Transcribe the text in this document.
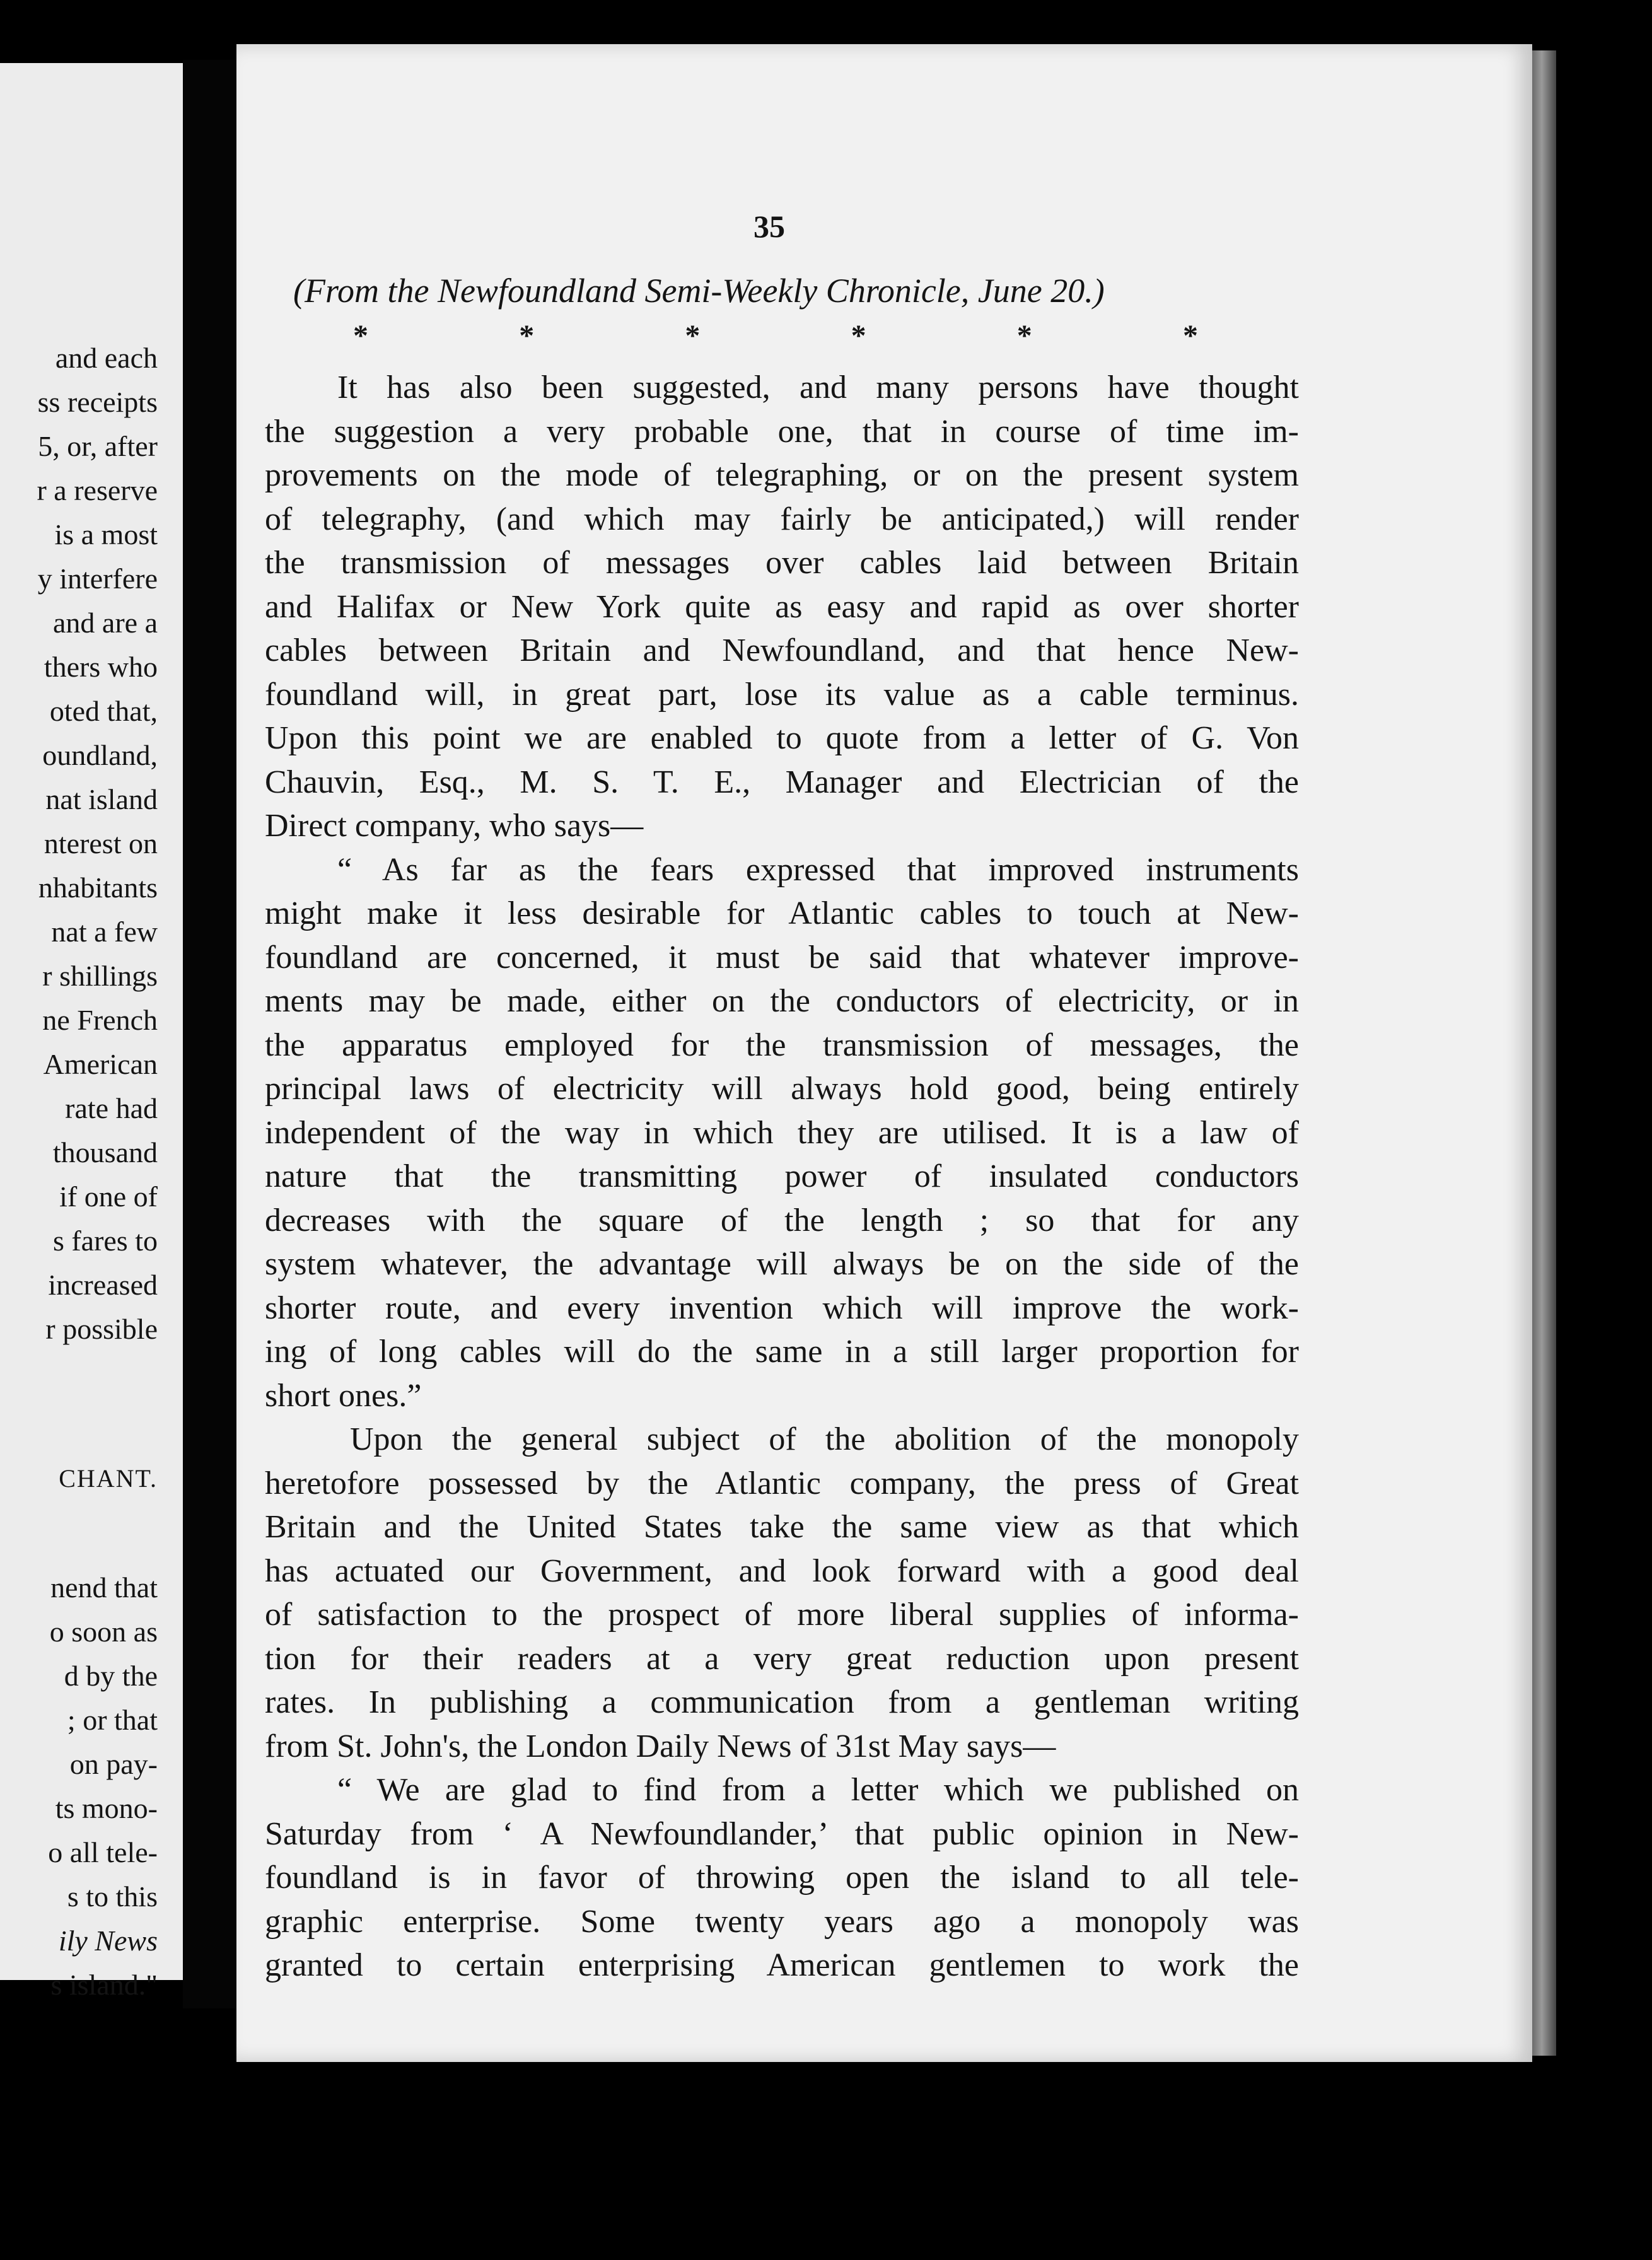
and each
ss receipts
5, or, after
r a reserve
is a most
y interfere
and are a
thers who
oted that,
oundland,
nat island
nterest on
nhabitants
nat a few
r shillings
ne French
American
rate had
thousand
if one of
s fares to
increased
r possible
CHANT.
nend that
o soon as
d by the
; or that
on pay-
ts mono-
o all tele-
s to this
ily News
s island."
35
(From the Newfoundland Semi-Weekly Chronicle, June 20.)
*	*	*	*	*	*
It has also been suggested, and many persons have thought
the suggestion a very probable one, that in course of time im-
provements on the mode of telegraphing, or on the present system
of telegraphy, (and which may fairly be anticipated,) will render
the transmission of messages over cables laid between Britain
and Halifax or New York quite as easy and rapid as over shorter
cables between Britain and Newfoundland, and that hence New-
foundland will, in great part, lose its value as a cable terminus.
Upon this point we are enabled to quote from a letter of G. Von
Chauvin, Esq., M. S. T. E., Manager and Electrician of the
Direct company, who says—
“ As far as the fears expressed that improved instruments
might make it less desirable for Atlantic cables to touch at New-
foundland are concerned, it must be said that whatever improve-
ments may be made, either on the conductors of electricity, or in
the apparatus employed for the transmission of messages, the
principal laws of electricity will always hold good, being entirely
independent of the way in which they are utilised. It is a law of
nature that the transmitting power of insulated conductors
decreases with the square of the length ; so that for any
system whatever, the advantage will always be on the side of the
shorter route, and every invention which will improve the work-
ing of long cables will do the same in a still larger proportion for
short ones.”
Upon the general subject of the abolition of the monopoly
heretofore possessed by the Atlantic company, the press of Great
Britain and the United States take the same view as that which
has actuated our Government, and look forward with a good deal
of satisfaction to the prospect of more liberal supplies of informa-
tion for their readers at a very great reduction upon present
rates. In publishing a communication from a gentleman writing
from St. John's, the London Daily News of 31st May says—
“ We are glad to find from a letter which we published on
Saturday from ‘ A Newfoundlander,’ that public opinion in New-
foundland is in favor of throwing open the island to all tele-
graphic enterprise. Some twenty years ago a monopoly was
granted to certain enterprising American gentlemen to work the
